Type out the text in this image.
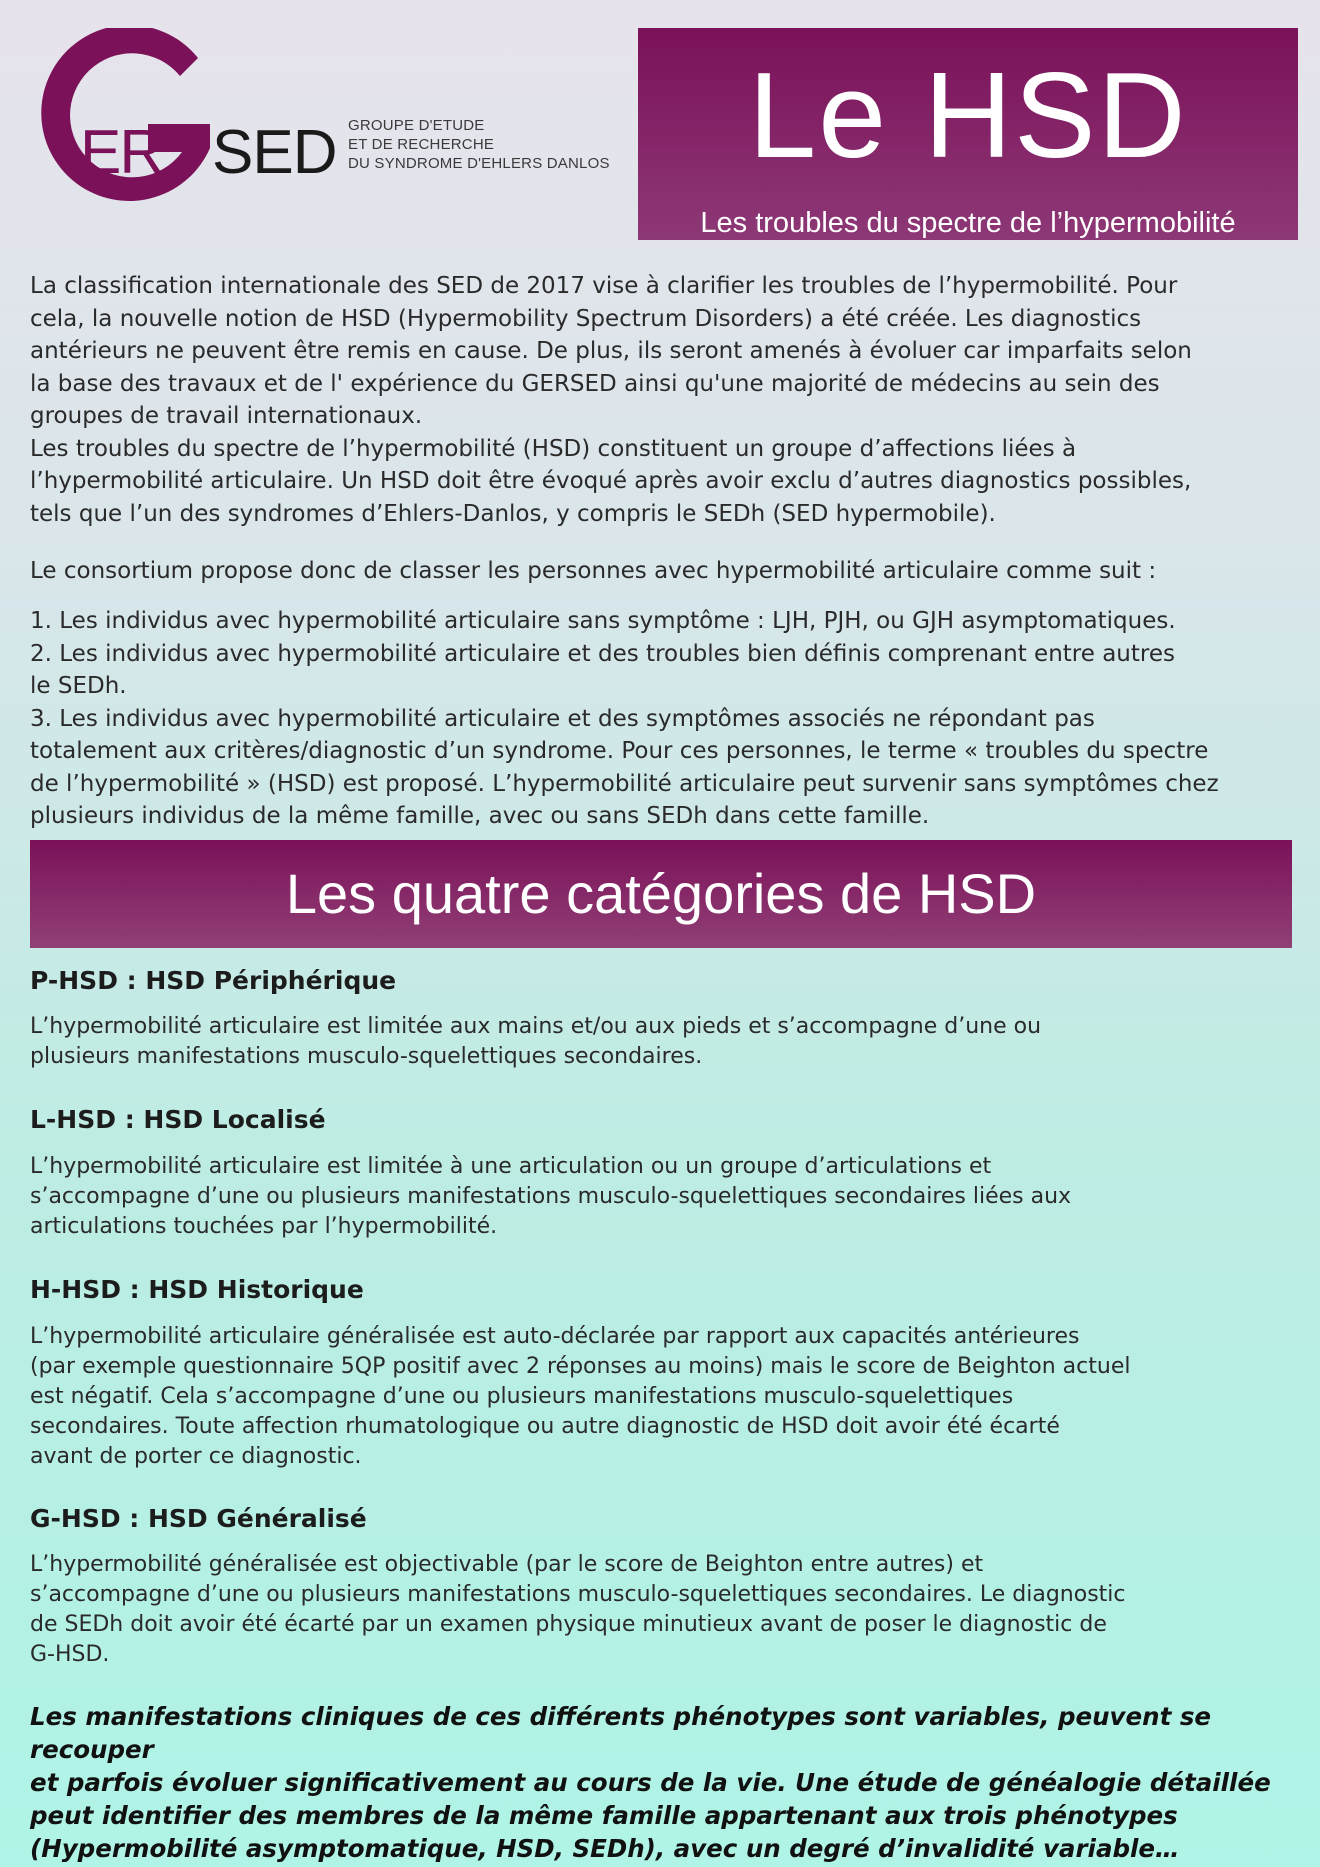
ER SED GROUPE D'ETUDE
ET DE RECHERCHE
DU SYNDROME D'EHLERS DANLOS	Le HSD
Les troubles du spectre de l’hypermobilité
La classification internationale des SED de 2017 vise à clarifier les troubles de l’hypermobilité. Pour
cela, la nouvelle notion de HSD (Hypermobility Spectrum Disorders) a été créée. Les diagnostics
antérieurs ne peuvent être remis en cause. De plus, ils seront amenés à évoluer car imparfaits selon
la base des travaux et de l' expérience du GERSED ainsi qu'une majorité de médecins au sein des
groupes de travail internationaux.
Les troubles du spectre de l’hypermobilité (HSD) constituent un groupe d’affections liées à
l’hypermobilité articulaire. Un HSD doit être évoqué après avoir exclu d’autres diagnostics possibles,
tels que l’un des syndromes d’Ehlers-Danlos, y compris le SEDh (SED hypermobile).
Le consortium propose donc de classer les personnes avec hypermobilité articulaire comme suit :
1. Les individus avec hypermobilité articulaire sans symptôme : LJH, PJH, ou GJH asymptomatiques.
2. Les individus avec hypermobilité articulaire et des troubles bien définis comprenant entre autres
le SEDh.
3. Les individus avec hypermobilité articulaire et des symptômes associés ne répondant pas
totalement aux critères/diagnostic d’un syndrome. Pour ces personnes, le terme « troubles du spectre
de l’hypermobilité » (HSD) est proposé. L’hypermobilité articulaire peut survenir sans symptômes chez
plusieurs individus de la même famille, avec ou sans SEDh dans cette famille.
Les quatre catégories de HSD
P-HSD : HSD Périphérique
L’hypermobilité articulaire est limitée aux mains et/ou aux pieds et s’accompagne d’une ou
plusieurs manifestations musculo-squelettiques secondaires.
L-HSD : HSD Localisé
L’hypermobilité articulaire est limitée à une articulation ou un groupe d’articulations et
s’accompagne d’une ou plusieurs manifestations musculo-squelettiques secondaires liées aux
articulations touchées par l’hypermobilité.
H-HSD : HSD Historique
L’hypermobilité articulaire généralisée est auto-déclarée par rapport aux capacités antérieures
(par exemple questionnaire 5QP positif avec 2 réponses au moins) mais le score de Beighton actuel
est négatif. Cela s’accompagne d’une ou plusieurs manifestations musculo-squelettiques
secondaires. Toute affection rhumatologique ou autre diagnostic de HSD doit avoir été écarté
avant de porter ce diagnostic.
G-HSD : HSD Généralisé
L’hypermobilité généralisée est objectivable (par le score de Beighton entre autres) et
s’accompagne d’une ou plusieurs manifestations musculo-squelettiques secondaires. Le diagnostic
de SEDh doit avoir été écarté par un examen physique minutieux avant de poser le diagnostic de
G-HSD.
Les manifestations cliniques de ces différents phénotypes sont variables, peuvent se recouper
et parfois évoluer significativement au cours de la vie. Une étude de généalogie détaillée
peut identifier des membres de la même famille appartenant aux trois phénotypes
(Hypermobilité asymptomatique, HSD, SEDh), avec un degré d’invalidité variable…
